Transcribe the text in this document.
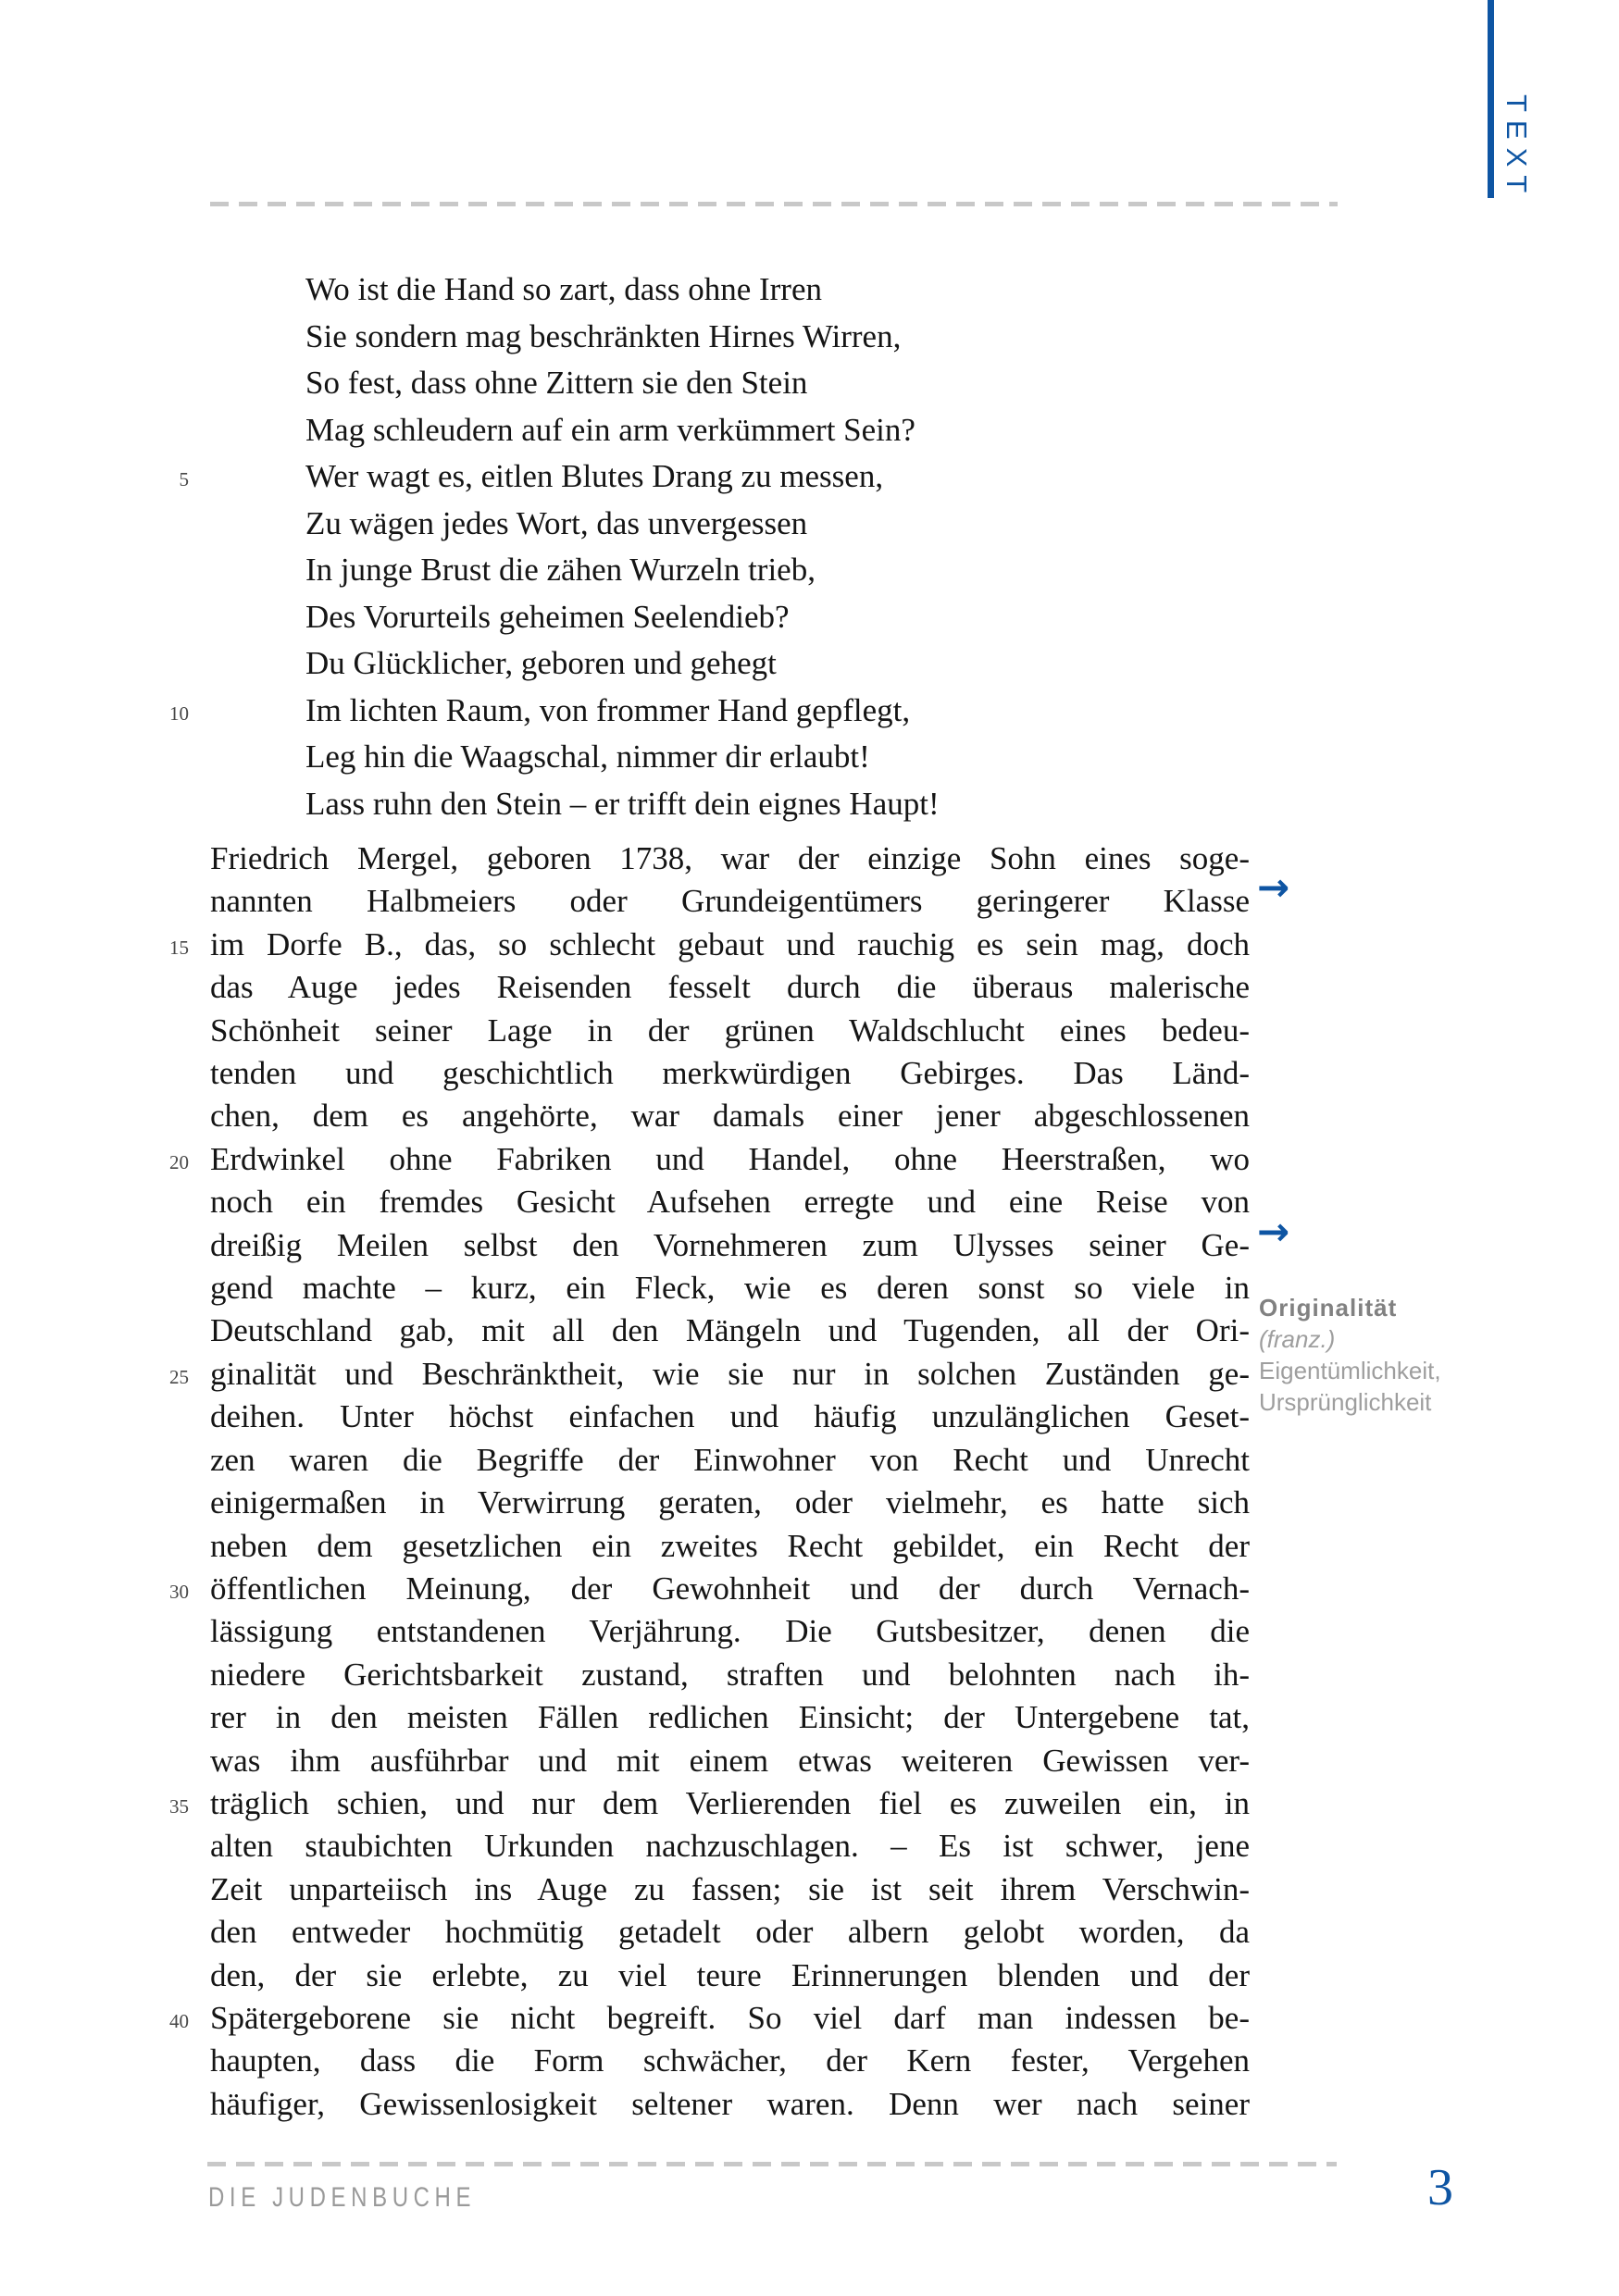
TEXT
Wo ist die Hand so zart, dass ohne Irren
Sie sondern mag beschränkten Hirnes Wirren,
So fest, dass ohne Zittern sie den Stein
Mag schleudern auf ein arm verkümmert Sein?
5	Wer wagt es, eitlen Blutes Drang zu messen,
Zu wägen jedes Wort, das unvergessen
In junge Brust die zähen Wurzeln trieb,
Des Vorurteils geheimen Seelendieb?
Du Glücklicher, geboren und gehegt
10	Im lichten Raum, von frommer Hand gepflegt,
Leg hin die Waagschal, nimmer dir erlaubt!
Lass ruhn den Stein – er trifft dein eignes Haupt!
Friedrich Mergel, geboren 1738, war der einzige Sohn eines soge-
nannten Halbmeiers oder Grundeigentümers geringerer Klasse
15 im Dorfe B., das, so schlecht gebaut und rauchig es sein mag, doch
das Auge jedes Reisenden fesselt durch die überaus malerische
Schönheit seiner Lage in der grünen Waldschlucht eines bedeu-
tenden und geschichtlich merkwürdigen Gebirges. Das Länd-
chen, dem es angehörte, war damals einer jener abgeschlossenen
20 Erdwinkel ohne Fabriken und Handel, ohne Heerstraßen, wo
noch ein fremdes Gesicht Aufsehen erregte und eine Reise von
dreißig Meilen selbst den Vornehmeren zum Ulysses seiner Ge-
gend machte – kurz, ein Fleck, wie es deren sonst so viele in
Deutschland gab, mit all den Mängeln und Tugenden, all der Ori-
25 ginalität und Beschränktheit, wie sie nur in solchen Zuständen ge-
deihen. Unter höchst einfachen und häufig unzulänglichen Geset-
zen waren die Begriffe der Einwohner von Recht und Unrecht
einigermaßen in Verwirrung geraten, oder vielmehr, es hatte sich
neben dem gesetzlichen ein zweites Recht gebildet, ein Recht der
30 öffentlichen Meinung, der Gewohnheit und der durch Vernach-
lässigung entstandenen Verjährung. Die Gutsbesitzer, denen die
niedere Gerichtsbarkeit zustand, straften und belohnten nach ih-
rer in den meisten Fällen redlichen Einsicht; der Untergebene tat,
was ihm ausführbar und mit einem etwas weiteren Gewissen ver-
35 träglich schien, und nur dem Verlierenden fiel es zuweilen ein, in
alten staubichten Urkunden nachzuschlagen. – Es ist schwer, jene
Zeit unparteiisch ins Auge zu fassen; sie ist seit ihrem Verschwin-
den entweder hochmütig getadelt oder albern gelobt worden, da
den, der sie erlebte, zu viel teure Erinnerungen blenden und der
40 Spätergeborene sie nicht begreift. So viel darf man indessen be-
haupten, dass die Form schwächer, der Kern fester, Vergehen
häufiger, Gewissenlosigkeit seltener waren. Denn wer nach seiner
→
→
Originalität
(franz.)
Eigentümlichkeit,
Ursprünglichkeit
DIE JUDENBUCHE	3
